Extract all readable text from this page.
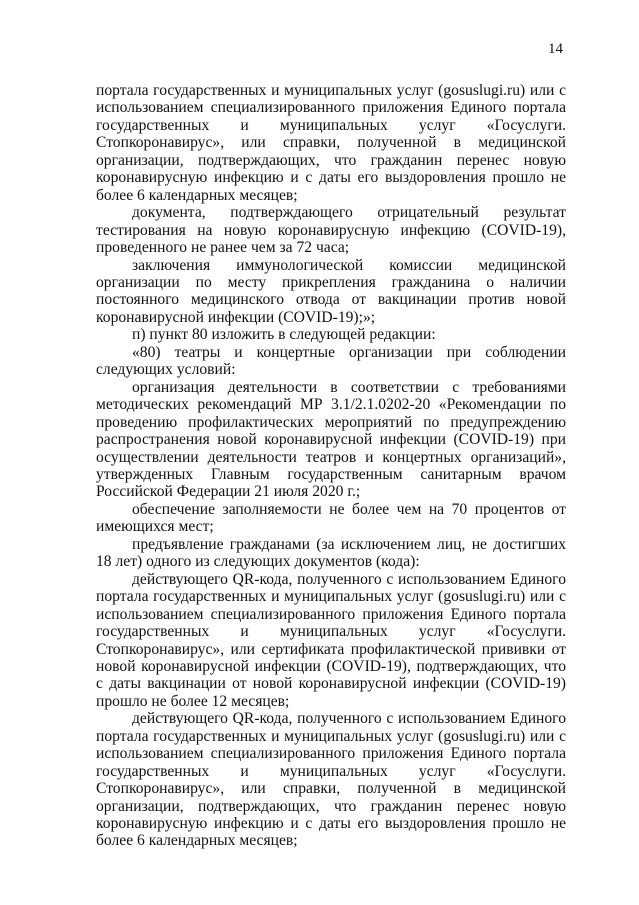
14

портала государственных и муниципальных услуг (gosuslugi.ru) или с использованием специализированного приложения Единого портала государственных и муниципальных услуг «Госуслуги. Стопкоронавирус», или справки, полученной в медицинской организации, подтверждающих, что гражданин перенес новую коронавирусную инфекцию и с даты его выздоровления прошло не более 6 календарных месяцев;

документа, подтверждающего отрицательный результат тестирования на новую коронавирусную инфекцию (COVID-19), проведенного не ранее чем за 72 часа;

заключения иммунологической комиссии медицинской организации по месту прикрепления гражданина о наличии постоянного медицинского отвода от вакцинации против новой коронавирусной инфекции (COVID-19);»;

п) пункт 80 изложить в следующей редакции:

«80) театры и концертные организации при соблюдении следующих условий:

организация деятельности в соответствии с требованиями методических рекомендаций МР 3.1/2.1.0202-20 «Рекомендации по проведению профилактических мероприятий по предупреждению распространения новой коронавирусной инфекции (COVID-19) при осуществлении деятельности театров и концертных организаций», утвержденных Главным государственным санитарным врачом Российской Федерации 21 июля 2020 г.;

обеспечение заполняемости не более чем на 70 процентов от имеющихся мест;

предъявление гражданами (за исключением лиц, не достигших 18 лет) одного из следующих документов (кода):

действующего QR-кода, полученного с использованием Единого портала государственных и муниципальных услуг (gosuslugi.ru) или с использованием специализированного приложения Единого портала государственных и муниципальных услуг «Госуслуги. Стопкоронавирус», или сертификата профилактической прививки от новой коронавирусной инфекции (COVID-19), подтверждающих, что с даты вакцинации от новой коронавирусной инфекции (COVID-19) прошло не более 12 месяцев;

действующего QR-кода, полученного с использованием Единого портала государственных и муниципальных услуг (gosuslugi.ru) или с использованием специализированного приложения Единого портала государственных и муниципальных услуг «Госуслуги. Стопкоронавирус», или справки, полученной в медицинской организации, подтверждающих, что гражданин перенес новую коронавирусную инфекцию и с даты его выздоровления прошло не более 6 календарных месяцев;
